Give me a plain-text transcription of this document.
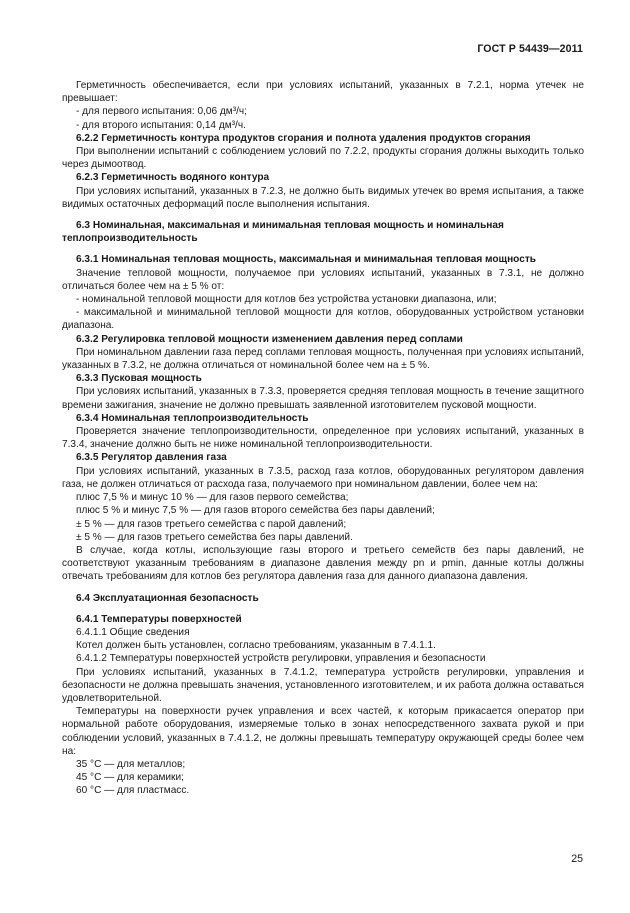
ГОСТ Р 54439—2011

Герметичность обеспечивается, если при условиях испытаний, указанных в 7.2.1, норма утечек не превышает:

- для первого испытания: 0,06 дм³/ч;

- для второго испытания: 0,14 дм³/ч.

6.2.2 Герметичность контура продуктов сгорания и полнота удаления продуктов сгорания

При выполнении испытаний с соблюдением условий по 7.2.2, продукты сгорания должны выходить только через дымоотвод.

6.2.3 Герметичность водяного контура

При условиях испытаний, указанных в 7.2.3, не должно быть видимых утечек во время испытания, а также видимых остаточных деформаций после выполнения испытания.

6.3 Номинальная, максимальная и минимальная тепловая мощность и номинальная теплопроизводительность

6.3.1 Номинальная тепловая мощность, максимальная и минимальная тепловая мощность

Значение тепловой мощности, получаемое при условиях испытаний, указанных в 7.3.1, не должно отличаться более чем на ± 5 % от:

- номинальной тепловой мощности для котлов без устройства установки диапазона, или;

- максимальной и минимальной тепловой мощности для котлов, оборудованных устройством установки диапазона.

6.3.2 Регулировка тепловой мощности изменением давления перед соплами

При номинальном давлении газа перед соплами тепловая мощность, полученная при условиях испытаний, указанных в 7.3.2, не должна отличаться от номинальной более чем на ± 5 %.

6.3.3 Пусковая мощность

При условиях испытаний, указанных в 7.3.3, проверяется средняя тепловая мощность в течение защитного времени зажигания, значение не должно превышать заявленной изготовителем пусковой мощности.

6.3.4 Номинальная теплопроизводительность

Проверяется значение теплопроизводительности, определенное при условиях испытаний, указанных в 7.3.4, значение должно быть не ниже номинальной теплопроизводительности.

6.3.5 Регулятор давления газа

При условиях испытаний, указанных в 7.3.5, расход газа котлов, оборудованных регулятором давления газа, не должен отличаться от расхода газа, получаемого при номинальном давлении, более чем на:

плюс 7,5 % и минус 10 % — для газов первого семейства;

плюс 5 % и минус 7,5 % — для газов второго семейства без пары давлений;

± 5 % — для газов третьего семейства с парой давлений;

± 5 % — для газов третьего семейства без пары давлений.

В случае, когда котлы, использующие газы второго и третьего семейств без пары давлений, не соответствуют указанным требованиям в диапазоне давления между pn и pmin, данные котлы должны отвечать требованиям для котлов без регулятора давления газа для данного диапазона давления.

6.4 Эксплуатационная безопасность

6.4.1 Температуры поверхностей

6.4.1.1 Общие сведения

Котел должен быть установлен, согласно требованиям, указанным в 7.4.1.1.

6.4.1.2 Температуры поверхностей устройств регулировки, управления и безопасности

При условиях испытаний, указанных в 7.4.1.2, температура устройств регулировки, управления и безопасности не должна превышать значения, установленного изготовителем, и их работа должна оставаться удовлетворительной.

Температуры на поверхности ручек управления и всех частей, к которым прикасается оператор при нормальной работе оборудования, измеряемые только в зонах непосредственного захвата рукой и при соблюдении условий, указанных в 7.4.1.2, не должны превышать температуру окружающей среды более чем на:

35 °С — для металлов;

45 °С — для керамики;

60 °С — для пластмасс.

25
